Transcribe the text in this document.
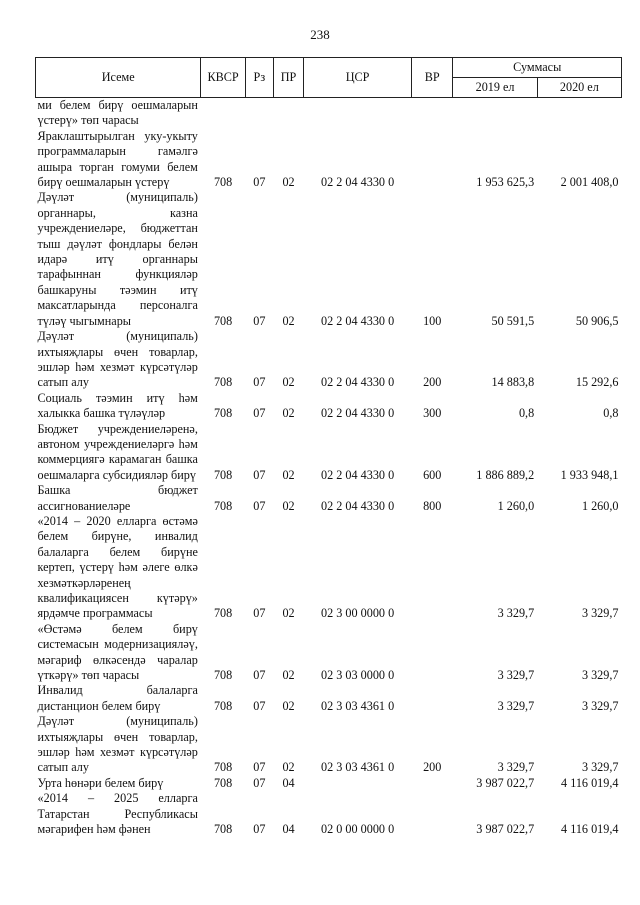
238
Исеме	КВСР	Рз	ПР	ЦСР	ВР	Суммасы	
						2019 ел	2020 ел
ми белем бирү оешмаларын үстерү» төп чарасы							
Яраклаштырылган уку-укыту программаларын гамәлгә ашыра торган гомуми белем бирү оешмаларын үстерү	708	07	02	02 2 04 4330 0		1 953 625,3	2 001 408,0
Дәүләт (муниципаль) органнары, казна учреждениеләре, бюджеттан тыш дәүләт фондлары белән идарә итү органнары тарафыннан функцияләр башкаруны тәэмин итү максатларында персоналга түләү чыгымнары	708	07	02	02 2 04 4330 0	100	50 591,5	50 906,5
Дәүләт (муниципаль) ихтыяҗлары өчен товарлар, эшләр һәм хезмәт күрсәтүләр сатып алу	708	07	02	02 2 04 4330 0	200	14 883,8	15 292,6
Социаль тәэмин итү һәм халыкка башка түләүләр	708	07	02	02 2 04 4330 0	300	0,8	0,8
Бюджет учреждениеләренә, автоном учреждениеләргә һәм коммерциягә карамаган башка оешмаларга субсидияләр бирү	708	07	02	02 2 04 4330 0	600	1 886 889,2	1 933 948,1
Башка бюджет ассигнованиеләре	708	07	02	02 2 04 4330 0	800	1 260,0	1 260,0
«2014 – 2020 елларга өстәмә белем бирүне, инвалид балаларга белем бирүне кертеп, үстерү һәм әлеге өлкә хезмәткәрләренең квалификациясен күтәрү» ярдәмче программасы	708	07	02	02 3 00 0000 0		3 329,7	3 329,7
«Өстәмә белем бирү системасын модернизацияләү, мәгариф өлкәсендә чаралар үткәрү» төп чарасы	708	07	02	02 3 03 0000 0		3 329,7	3 329,7
Инвалид балаларга дистанцион белем бирү	708	07	02	02 3 03 4361 0		3 329,7	3 329,7
Дәүләт (муниципаль) ихтыяҗлары өчен товарлар, эшләр һәм хезмәт күрсәтүләр сатып алу	708	07	02	02 3 03 4361 0	200	3 329,7	3 329,7
Урта һөнәри белем бирү	708	07	04			3 987 022,7	4 116 019,4
«2014 – 2025 елларга Татарстан Республикасы мәгарифен һәм фәнен	708	07	04	02 0 00 0000 0		3 987 022,7	4 116 019,4
